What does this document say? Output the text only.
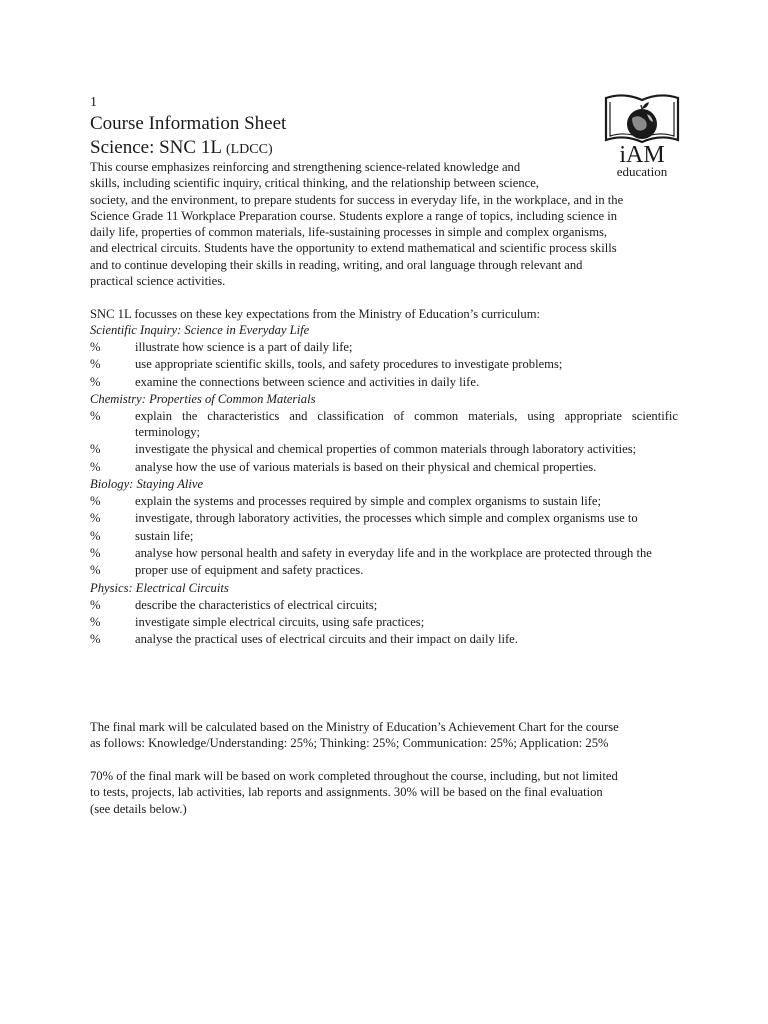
1
Course Information Sheet
Science: SNC 1L (LDCC)	iAM
education
This course emphasizes reinforcing and strengthening science-related knowledge and
skills, including scientific inquiry, critical thinking, and the relationship between science,
society, and the environment, to prepare students for success in everyday life, in the workplace, and in the
Science Grade 11 Workplace Preparation course. Students explore a range of topics, including science in
daily life, properties of common materials, life-sustaining processes in simple and complex organisms,
and electrical circuits. Students have the opportunity to extend mathematical and scientific process skills
and to continue developing their skills in reading, writing, and oral language through relevant and
practical science activities.

SNC 1L focusses on these key expectations from the Ministry of Education’s curriculum:

Scientific Inquiry: Science in Everyday Life
%	illustrate how science is a part of daily life;
%	use appropriate scientific skills, tools, and safety procedures to investigate problems;
%	examine the connections between science and activities in daily life.
Chemistry: Properties of Common Materials
%	explain the characteristics and classification of common materials, using appropriate scientific terminology;
%	investigate the physical and chemical properties of common materials through laboratory activities;
%	analyse how the use of various materials is based on their physical and chemical properties.
Biology: Staying Alive
%	explain the systems and processes required by simple and complex organisms to sustain life;
%	investigate, through laboratory activities, the processes which simple and complex organisms use to
%	sustain life;
%	analyse how personal health and safety in everyday life and in the workplace are protected through the
%	proper use of equipment and safety practices.
Physics: Electrical Circuits
%	describe the characteristics of electrical circuits;
%	investigate simple electrical circuits, using safe practices;
%	analyse the practical uses of electrical circuits and their impact on daily life.
The final mark will be calculated based on the Ministry of Education’s Achievement Chart for the course
as follows: Knowledge/Understanding: 25%; Thinking: 25%; Communication: 25%; Application: 25%
70% of the final mark will be based on work completed throughout the course, including, but not limited
to tests, projects, lab activities, lab reports and assignments. 30% will be based on the final evaluation
(see details below.)
